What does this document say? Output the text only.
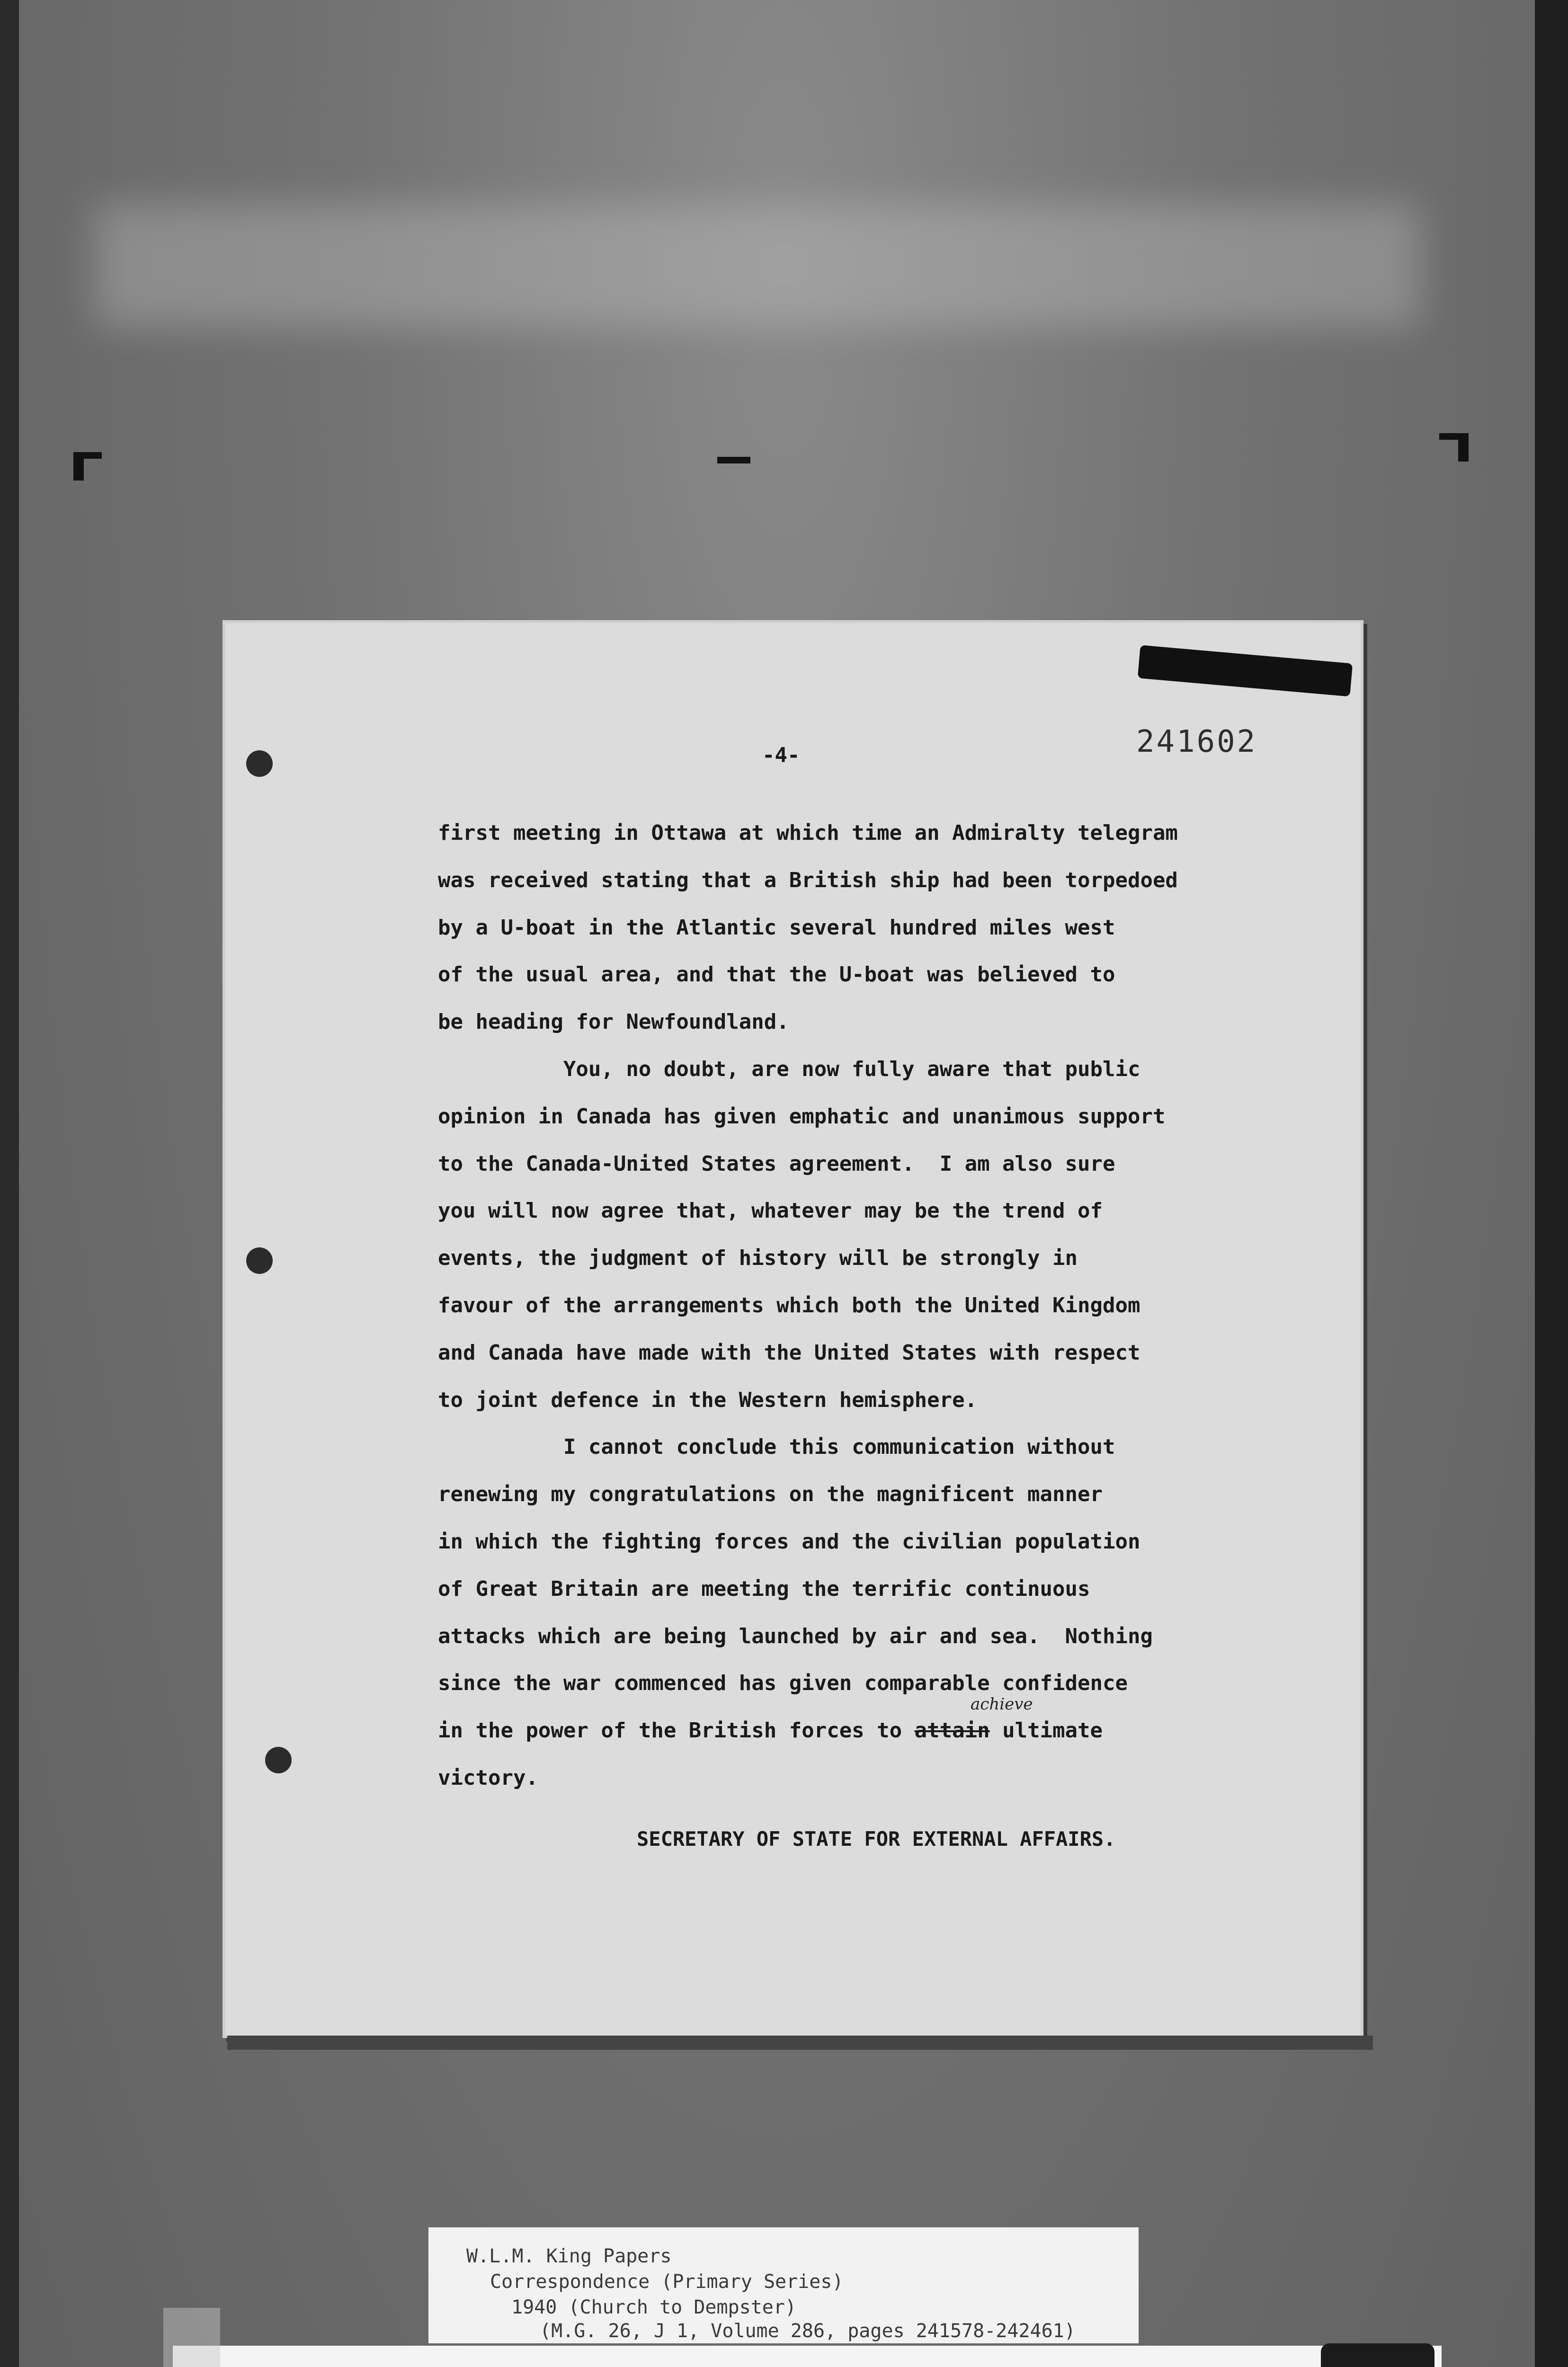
-4-	241602
first meeting in Ottawa at which time an Admiralty telegram
was received stating that a British ship had been torpedoed
by a U-boat in the Atlantic several hundred miles west
of the usual area, and that the U-boat was believed to
be heading for Newfoundland.
You, no doubt, are now fully aware that public
opinion in Canada has given emphatic and unanimous support
to the Canada-United States agreement.  I am also sure
you will now agree that, whatever may be the trend of
events, the judgment of history will be strongly in
favour of the arrangements which both the United Kingdom
and Canada have made with the United States with respect
to joint defence in the Western hemisphere.
I cannot conclude this communication without
renewing my congratulations on the magnificent manner
in which the fighting forces and the civilian population
of Great Britain are meeting the terrific continuous
attacks which are being launched by air and sea.  Nothing
since the war commenced has given comparable confidence
in the power of the British forces to attain ultimate
victory.
achieve
SECRETARY OF STATE FOR EXTERNAL AFFAIRS.
W.L.M. King Papers
Correspondence (Primary Series)
1940 (Church to Dempster)
(M.G. 26, J 1, Volume 286, pages 241578-242461)
